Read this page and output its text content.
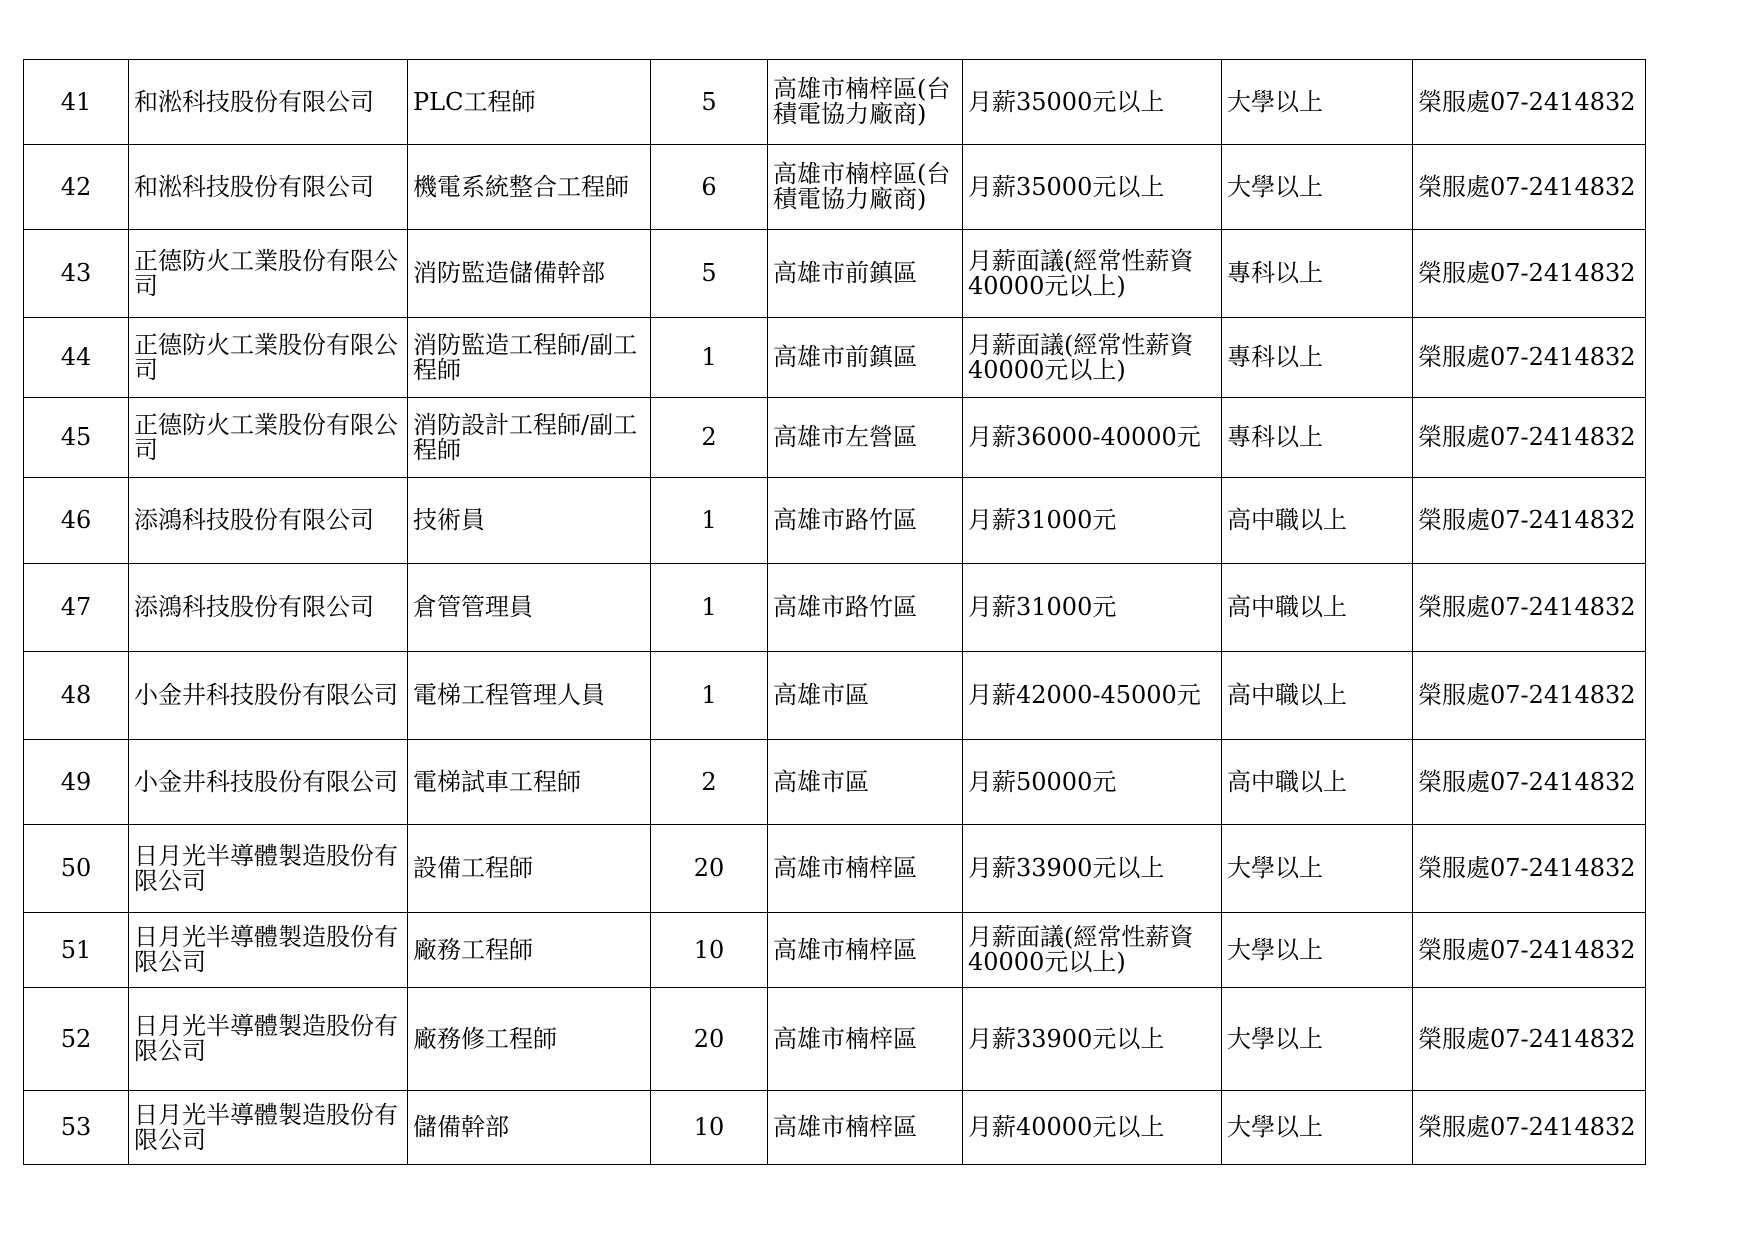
41	和淞科技股份有限公司	PLC工程師	5	高雄市楠梓區(台積電協力廠商)	月薪35000元以上	大學以上	榮服處07-2414832
42	和淞科技股份有限公司	機電系統整合工程師	6	高雄市楠梓區(台積電協力廠商)	月薪35000元以上	大學以上	榮服處07-2414832
43	正德防火工業股份有限公司	消防監造儲備幹部	5	高雄市前鎮區	月薪面議(經常性薪資40000元以上)	專科以上	榮服處07-2414832
44	正德防火工業股份有限公司	消防監造工程師/副工程師	1	高雄市前鎮區	月薪面議(經常性薪資40000元以上)	專科以上	榮服處07-2414832
45	正德防火工業股份有限公司	消防設計工程師/副工程師	2	高雄市左營區	月薪36000-40000元	專科以上	榮服處07-2414832
46	添鴻科技股份有限公司	技術員	1	高雄市路竹區	月薪31000元	高中職以上	榮服處07-2414832
47	添鴻科技股份有限公司	倉管管理員	1	高雄市路竹區	月薪31000元	高中職以上	榮服處07-2414832
48	小金井科技股份有限公司	電梯工程管理人員	1	高雄市區	月薪42000-45000元	高中職以上	榮服處07-2414832
49	小金井科技股份有限公司	電梯試車工程師	2	高雄市區	月薪50000元	高中職以上	榮服處07-2414832
50	日月光半導體製造股份有限公司	設備工程師	20	高雄市楠梓區	月薪33900元以上	大學以上	榮服處07-2414832
51	日月光半導體製造股份有限公司	廠務工程師	10	高雄市楠梓區	月薪面議(經常性薪資40000元以上)	大學以上	榮服處07-2414832
52	日月光半導體製造股份有限公司	廠務修工程師	20	高雄市楠梓區	月薪33900元以上	大學以上	榮服處07-2414832
53	日月光半導體製造股份有限公司	儲備幹部	10	高雄市楠梓區	月薪40000元以上	大學以上	榮服處07-2414832
